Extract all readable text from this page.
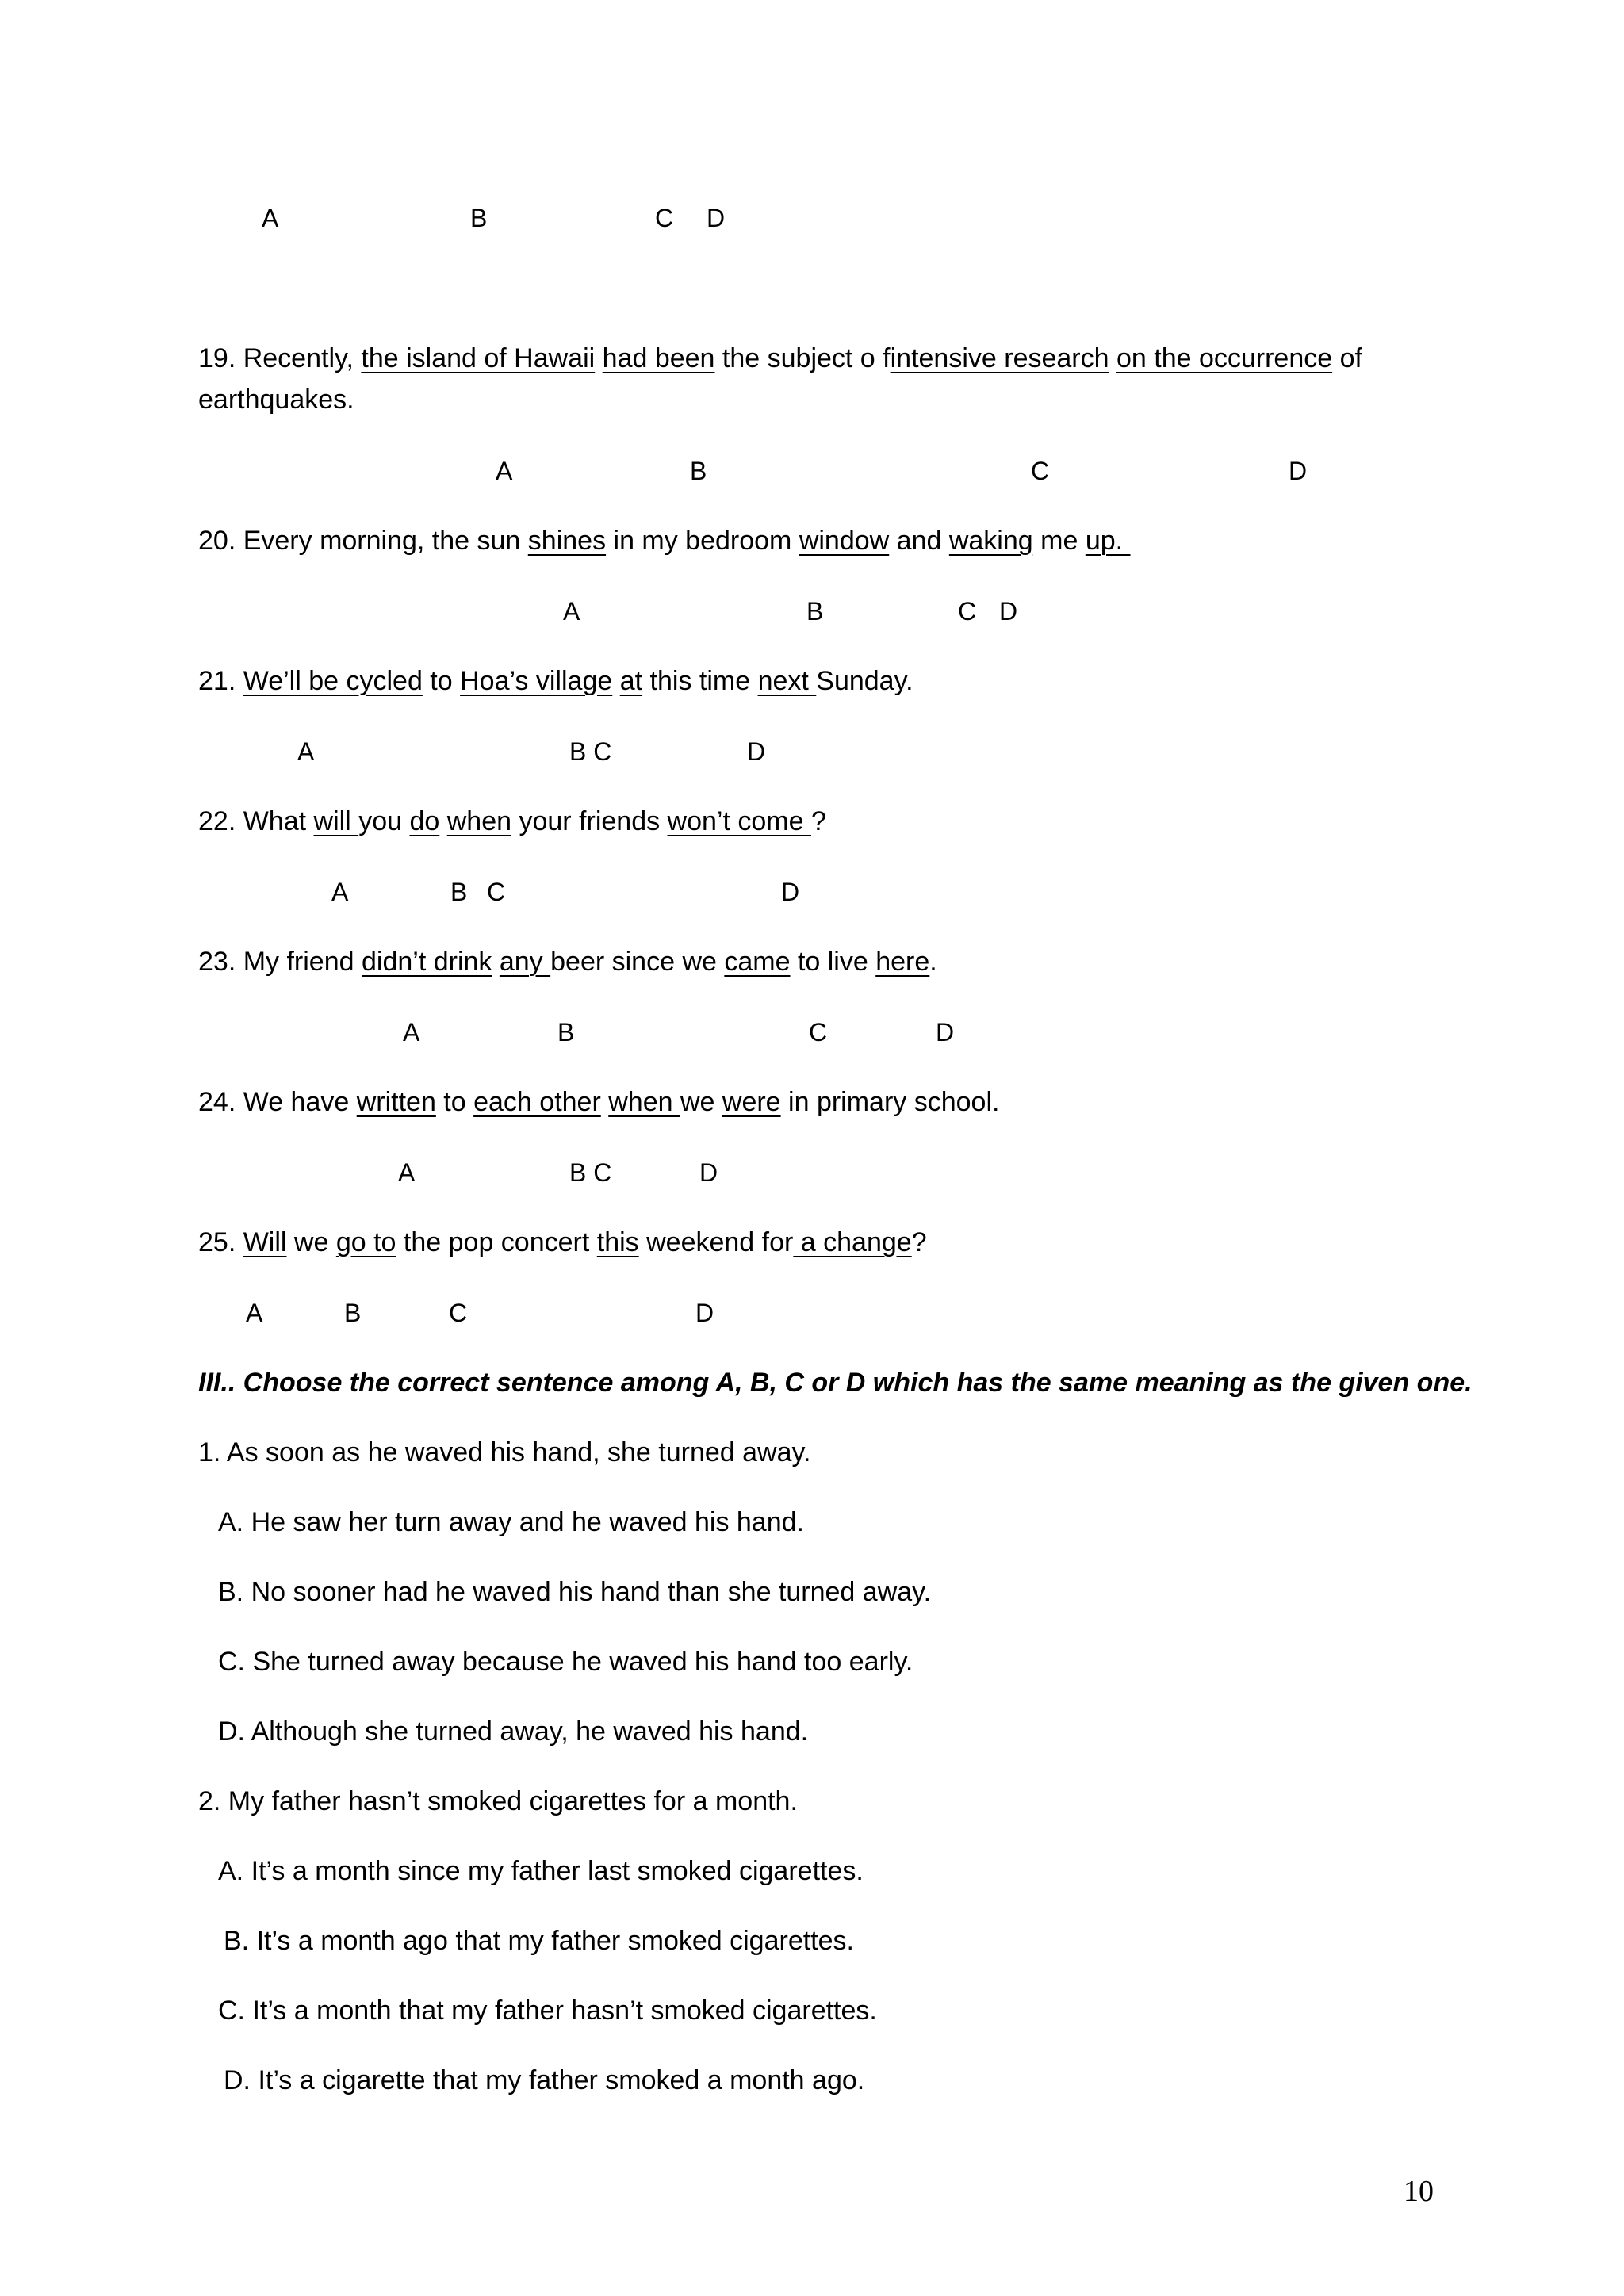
A	B	C D
19. Recently, the island of Hawaii had been the subject o fintensive research on the occurrence of earthquakes.
A	B	C	D
20. Every morning, the sun shines in my bedroom window and waking me up.
A	B	C D
21. We’ll be cycled to Hoa’s village at this time next Sunday.
A	B C	D
22. What will you do when your friends won’t come ?
A	B C	D
23. My friend didn’t drink any beer since we came to live here.
A	B	C	D
24. We have written to each other when we were in primary school.
A	B C	D
25. Will we go to the pop concert this weekend for a change?
A	B	C	D
III.. Choose the correct sentence among A, B, C or D which has the same meaning as the given one.
1. As soon as he waved his hand, she turned away.
A. He saw her turn away and he waved his hand.
B. No sooner had he waved his hand than she turned away.
C. She turned away because he waved his hand too early.
D. Although she turned away, he waved his hand.
2. My father hasn’t smoked cigarettes for a month.
A. It’s a month since my father last smoked cigarettes.
B. It’s a month ago that my father smoked cigarettes.
C. It’s a month that my father hasn’t smoked cigarettes.
D. It’s a cigarette that my father smoked a month ago.
10
